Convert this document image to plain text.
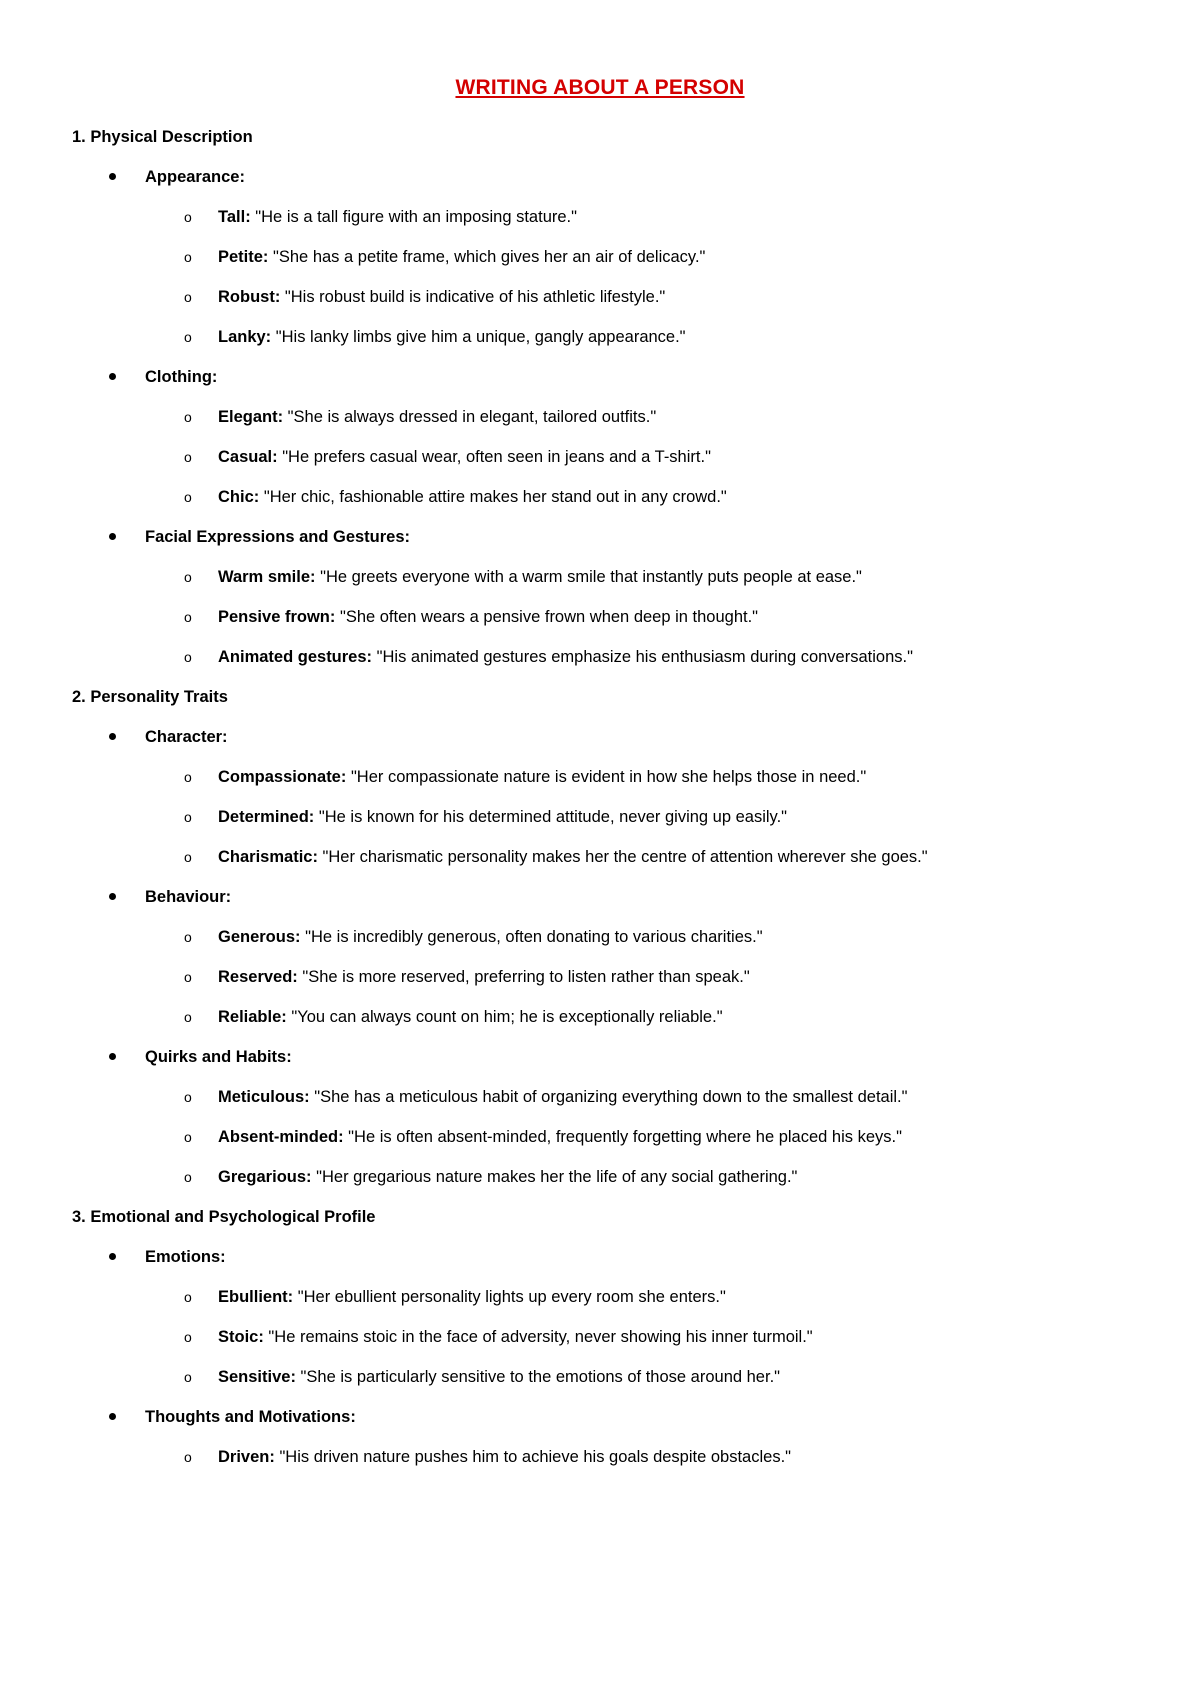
WRITING ABOUT A PERSON
1. Physical Description
Appearance:
o Tall: "He is a tall figure with an imposing stature."
o Petite: "She has a petite frame, which gives her an air of delicacy."
o Robust: "His robust build is indicative of his athletic lifestyle."
o Lanky: "His lanky limbs give him a unique, gangly appearance."
Clothing:
o Elegant: "She is always dressed in elegant, tailored outfits."
o Casual: "He prefers casual wear, often seen in jeans and a T-shirt."
o Chic: "Her chic, fashionable attire makes her stand out in any crowd."
Facial Expressions and Gestures:
o Warm smile: "He greets everyone with a warm smile that instantly puts people at ease."
o Pensive frown: "She often wears a pensive frown when deep in thought."
o Animated gestures: "His animated gestures emphasize his enthusiasm during conversations."
2. Personality Traits
Character:
o Compassionate: "Her compassionate nature is evident in how she helps those in need."
o Determined: "He is known for his determined attitude, never giving up easily."
o Charismatic: "Her charismatic personality makes her the centre of attention wherever she goes."
Behaviour:
o Generous: "He is incredibly generous, often donating to various charities."
o Reserved: "She is more reserved, preferring to listen rather than speak."
o Reliable: "You can always count on him; he is exceptionally reliable."
Quirks and Habits:
o Meticulous: "She has a meticulous habit of organizing everything down to the smallest detail."
o Absent-minded: "He is often absent-minded, frequently forgetting where he placed his keys."
o Gregarious: "Her gregarious nature makes her the life of any social gathering."
3. Emotional and Psychological Profile
Emotions:
o Ebullient: "Her ebullient personality lights up every room she enters."
o Stoic: "He remains stoic in the face of adversity, never showing his inner turmoil."
o Sensitive: "She is particularly sensitive to the emotions of those around her."
Thoughts and Motivations:
o Driven: "His driven nature pushes him to achieve his goals despite obstacles."
